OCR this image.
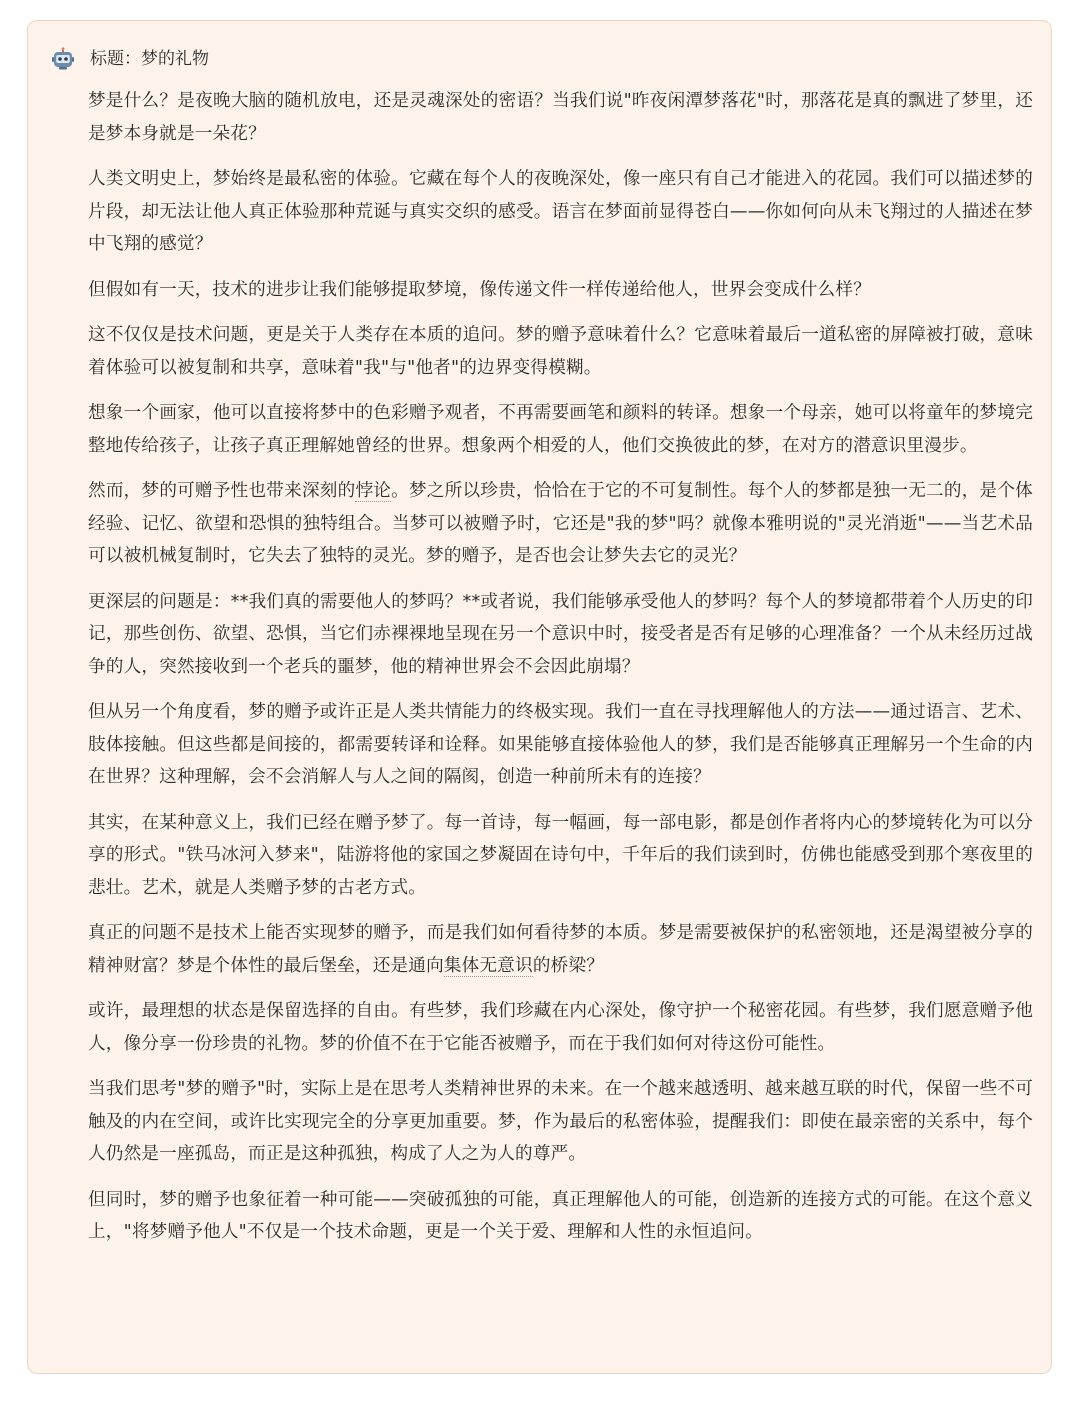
标题：梦的礼物

梦是什么？是夜晚大脑的随机放电，还是灵魂深处的密语？当我们说"昨夜闲潭梦落花"时，那落花是真的飘进了梦里，还是梦本身就是一朵花？

人类文明史上，梦始终是最私密的体验。它藏在每个人的夜晚深处，像一座只有自己才能进入的花园。我们可以描述梦的片段，却无法让他人真正体验那种荒诞与真实交织的感受。语言在梦面前显得苍白——你如何向从未飞翔过的人描述在梦中飞翔的感觉？

但假如有一天，技术的进步让我们能够提取梦境，像传递文件一样传递给他人，世界会变成什么样？

这不仅仅是技术问题，更是关于人类存在本质的追问。梦的赠予意味着什么？它意味着最后一道私密的屏障被打破，意味着体验可以被复制和共享，意味着"我"与"他者"的边界变得模糊。

想象一个画家，他可以直接将梦中的色彩赠予观者，不再需要画笔和颜料的转译。想象一个母亲，她可以将童年的梦境完整地传给孩子，让孩子真正理解她曾经的世界。想象两个相爱的人，他们交换彼此的梦，在对方的潜意识里漫步。

然而，梦的可赠予性也带来深刻的悖论。梦之所以珍贵，恰恰在于它的不可复制性。每个人的梦都是独一无二的，是个体经验、记忆、欲望和恐惧的独特组合。当梦可以被赠予时，它还是"我的梦"吗？就像本雅明说的"灵光消逝"——当艺术品可以被机械复制时，它失去了独特的灵光。梦的赠予，是否也会让梦失去它的灵光？

更深层的问题是：**我们真的需要他人的梦吗？**或者说，我们能够承受他人的梦吗？每个人的梦境都带着个人历史的印记，那些创伤、欲望、恐惧，当它们赤裸裸地呈现在另一个意识中时，接受者是否有足够的心理准备？一个从未经历过战争的人，突然接收到一个老兵的噩梦，他的精神世界会不会因此崩塌？

但从另一个角度看，梦的赠予或许正是人类共情能力的终极实现。我们一直在寻找理解他人的方法——通过语言、艺术、肢体接触。但这些都是间接的，都需要转译和诠释。如果能够直接体验他人的梦，我们是否能够真正理解另一个生命的内在世界？这种理解，会不会消解人与人之间的隔阂，创造一种前所未有的连接？

其实，在某种意义上，我们已经在赠予梦了。每一首诗，每一幅画，每一部电影，都是创作者将内心的梦境转化为可以分享的形式。"铁马冰河入梦来"，陆游将他的家国之梦凝固在诗句中，千年后的我们读到时，仿佛也能感受到那个寒夜里的悲壮。艺术，就是人类赠予梦的古老方式。

真正的问题不是技术上能否实现梦的赠予，而是我们如何看待梦的本质。梦是需要被保护的私密领地，还是渴望被分享的精神财富？梦是个体性的最后堡垒，还是通向集体无意识的桥梁？

或许，最理想的状态是保留选择的自由。有些梦，我们珍藏在内心深处，像守护一个秘密花园。有些梦，我们愿意赠予他人，像分享一份珍贵的礼物。梦的价值不在于它能否被赠予，而在于我们如何对待这份可能性。

当我们思考"梦的赠予"时，实际上是在思考人类精神世界的未来。在一个越来越透明、越来越互联的时代，保留一些不可触及的内在空间，或许比实现完全的分享更加重要。梦，作为最后的私密体验，提醒我们：即使在最亲密的关系中，每个人仍然是一座孤岛，而正是这种孤独，构成了人之为人的尊严。

但同时，梦的赠予也象征着一种可能——突破孤独的可能，真正理解他人的可能，创造新的连接方式的可能。在这个意义上，"将梦赠予他人"不仅是一个技术命题，更是一个关于爱、理解和人性的永恒追问。
